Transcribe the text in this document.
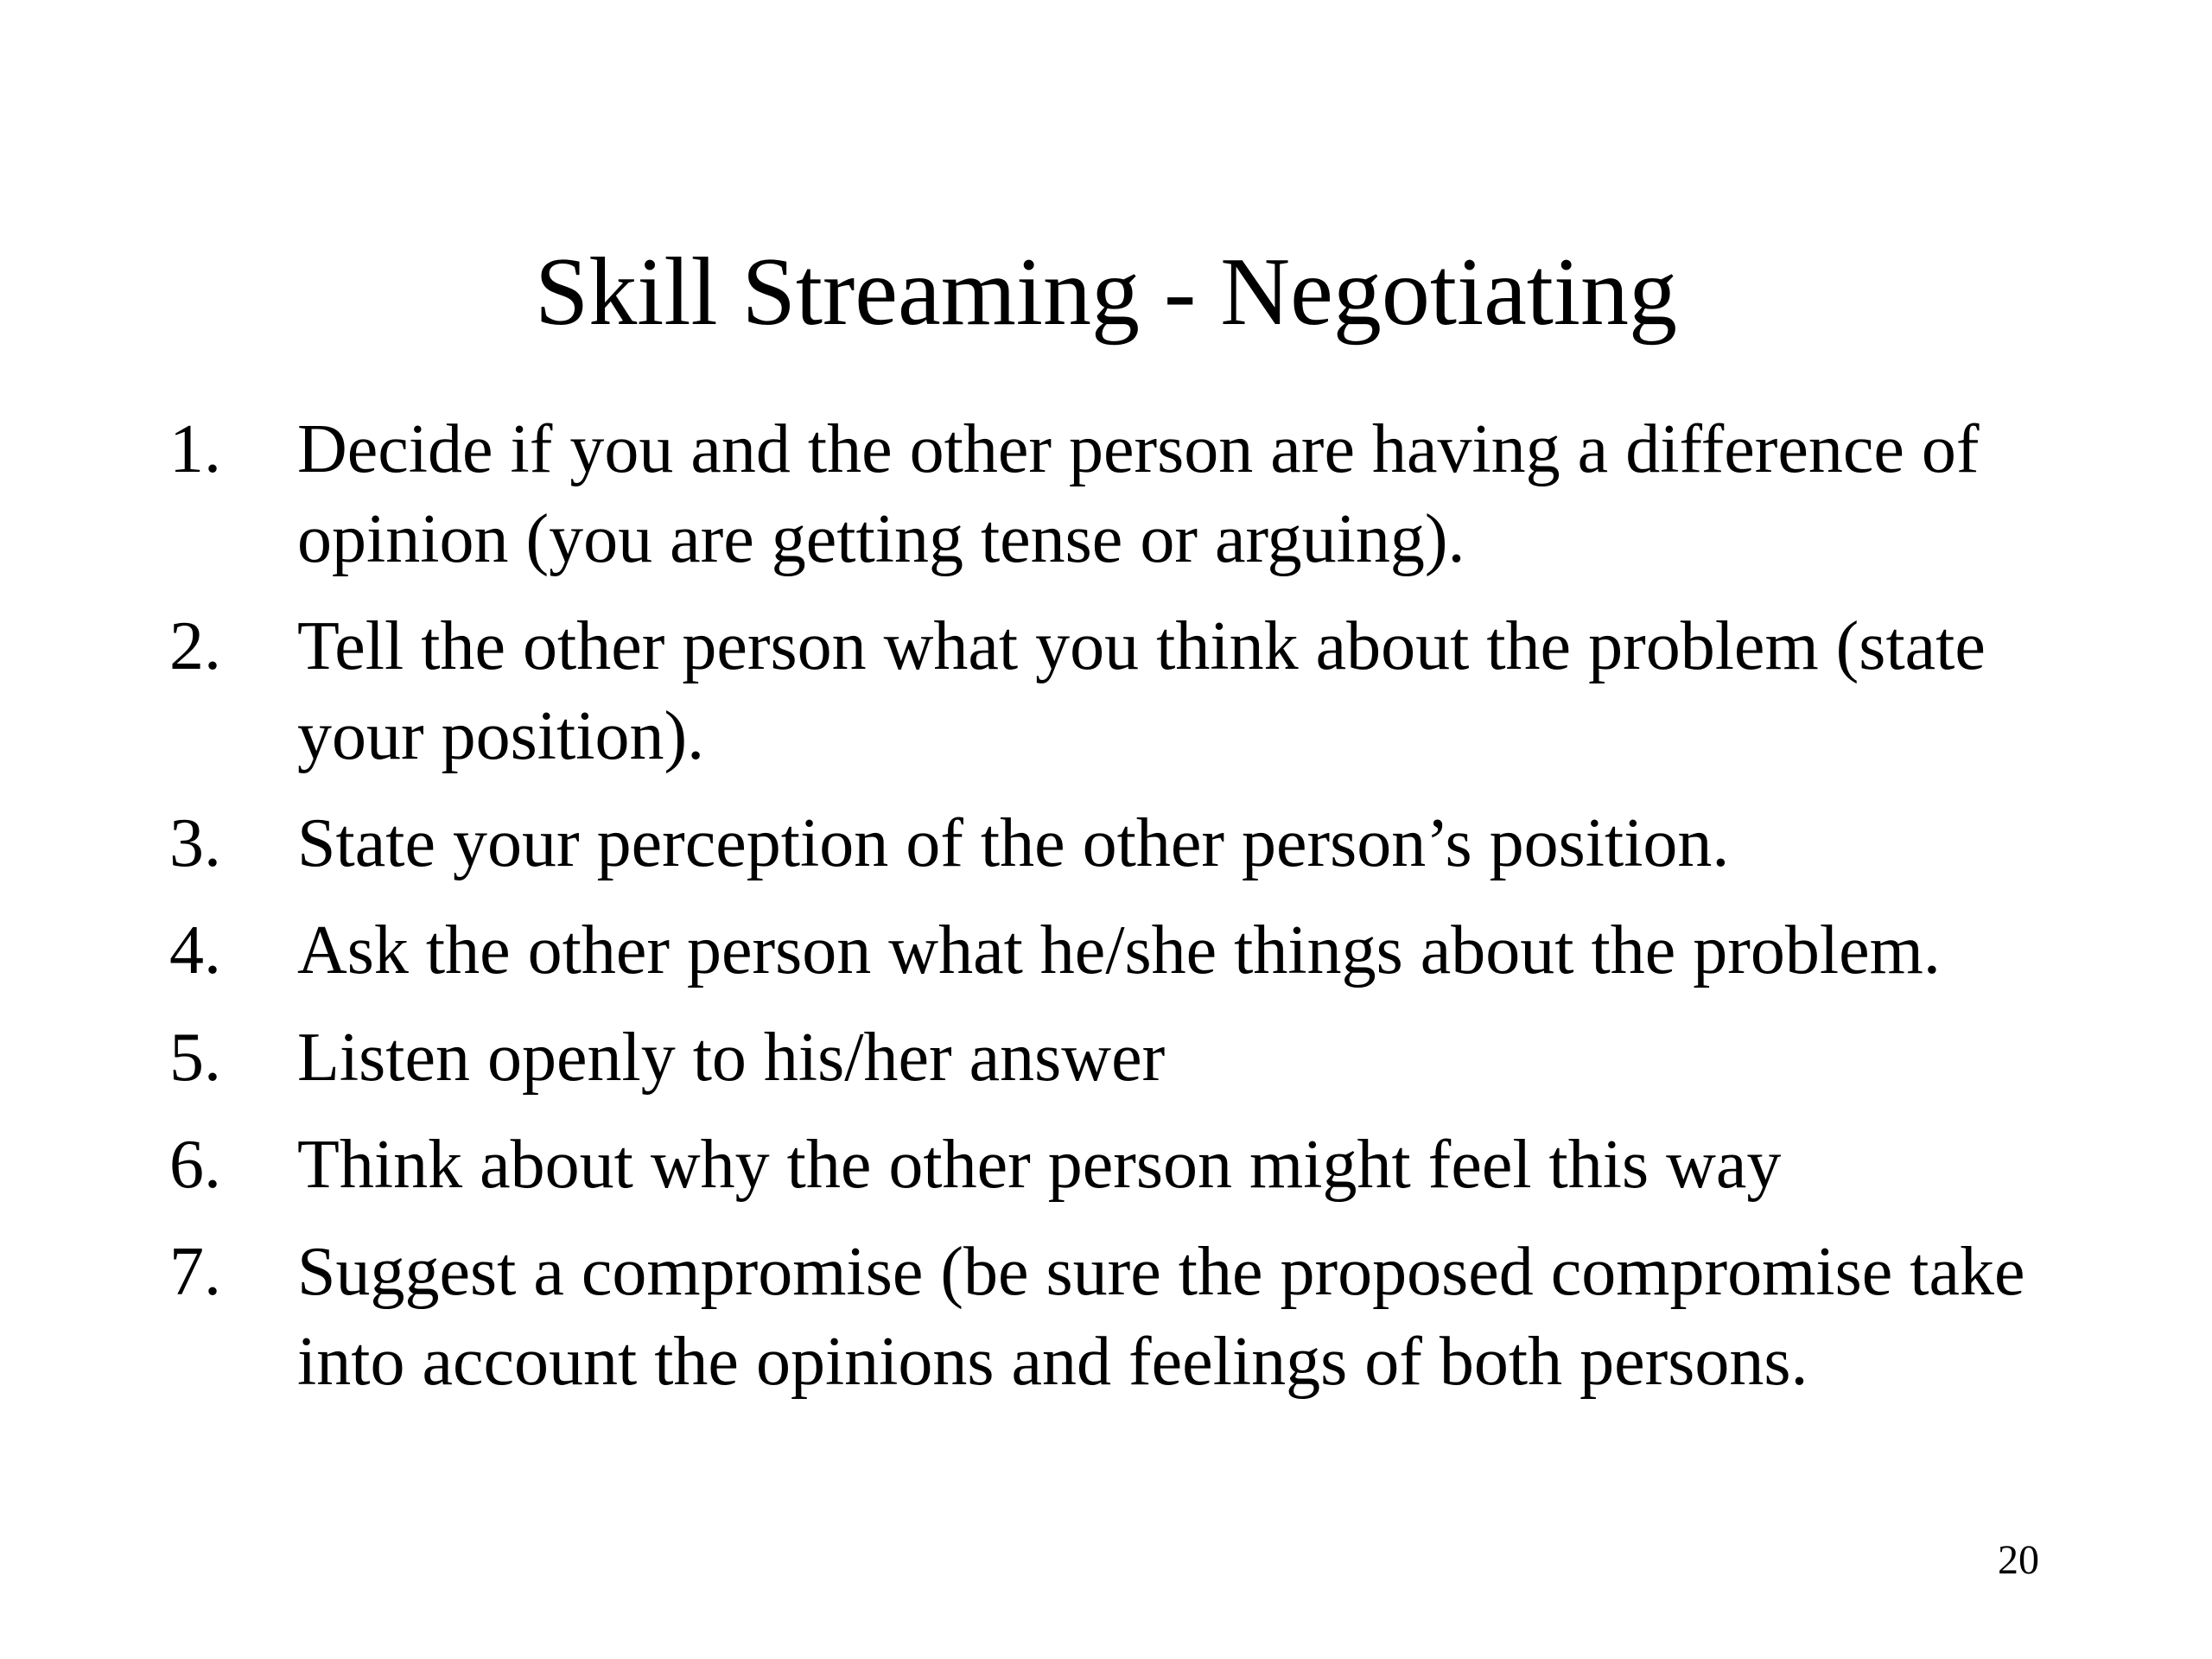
Skill Streaming - Negotiating
1. Decide if you and the other person are having a difference of opinion (you are getting tense or arguing).
2. Tell the other person what you think about the problem (state your position).
3. State your perception of the other person’s position.
4. Ask the other person what he/she things about the problem.
5. Listen openly to his/her answer
6. Think about why the other person might feel this way
7. Suggest a compromise (be sure the proposed compromise take into account the opinions and feelings of both persons.
20
